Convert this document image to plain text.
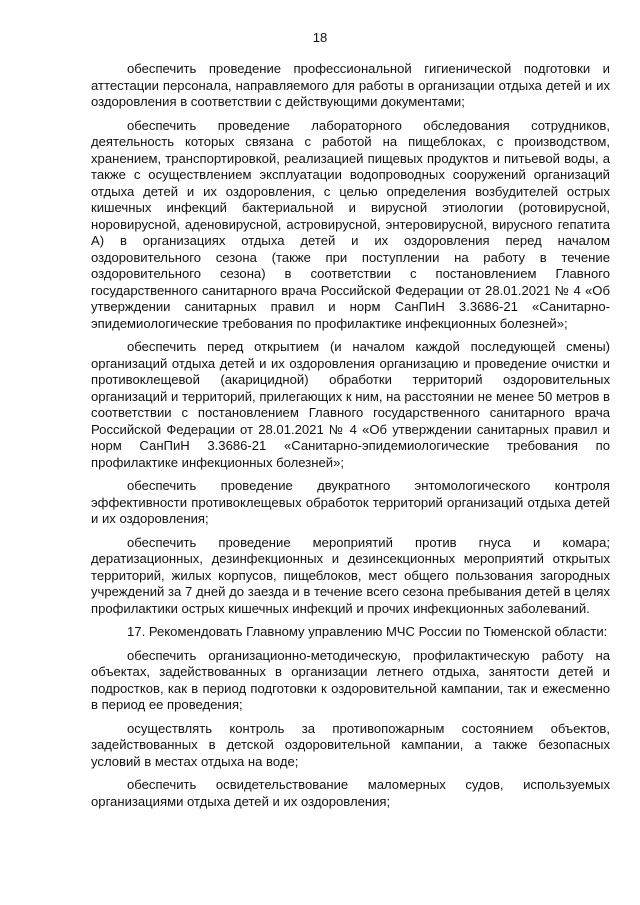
18

обеспечить проведение профессиональной гигиенической подготовки и аттестации персонала, направляемого для работы в организации отдыха детей и их оздоровления в соответствии с действующими документами;

обеспечить проведение лабораторного обследования сотрудников, деятельность которых связана с работой на пищеблоках, с производством, хранением, транспортировкой, реализацией пищевых продуктов и питьевой воды, а также с осуществлением эксплуатации водопроводных сооружений организаций отдыха детей и их оздоровления, с целью определения возбудителей острых кишечных инфекций бактериальной и вирусной этиологии (ротовирусной, норовирусной, аденовирусной, астровирусной, энтеровирусной, вирусного гепатита А) в организациях отдыха детей и их оздоровления перед началом оздоровительного сезона (также при поступлении на работу в течение оздоровительного сезона) в соответствии с постановлением Главного государственного санитарного врача Российской Федерации от 28.01.2021 № 4 «Об утверждении санитарных правил и норм СанПиН 3.3686-21 «Санитарно-эпидемиологические требования по профилактике инфекционных болезней»;

обеспечить перед открытием (и началом каждой последующей смены) организаций отдыха детей и их оздоровления организацию и проведение очистки и противоклещевой (акарицидной) обработки территорий оздоровительных организаций и территорий, прилегающих к ним, на расстоянии не менее 50 метров в соответствии с постановлением Главного государственного санитарного врача Российской Федерации от 28.01.2021 № 4 «Об утверждении санитарных правил и норм СанПиН 3.3686-21 «Санитарно-эпидемиологические требования по профилактике инфекционных болезней»;

обеспечить проведение двукратного энтомологического контроля эффективности противоклещевых обработок территорий организаций отдыха детей и их оздоровления;

обеспечить проведение мероприятий против гнуса и комара; дератизационных, дезинфекционных и дезинсекционных мероприятий открытых территорий, жилых корпусов, пищеблоков, мест общего пользования загородных учреждений за 7 дней до заезда и в течение всего сезона пребывания детей в целях профилактики острых кишечных инфекций и прочих инфекционных заболеваний.

17. Рекомендовать Главному управлению МЧС России по Тюменской области:

обеспечить организационно-методическую, профилактическую работу на объектах, задействованных в организации летнего отдыха, занятости детей и подростков, как в период подготовки к оздоровительной кампании, так и ежесменно в период ее проведения;

осуществлять контроль за противопожарным состоянием объектов, задействованных в детской оздоровительной кампании, а также безопасных условий в местах отдыха на воде;

обеспечить освидетельствование маломерных судов, используемых организациями отдыха детей и их оздоровления;
